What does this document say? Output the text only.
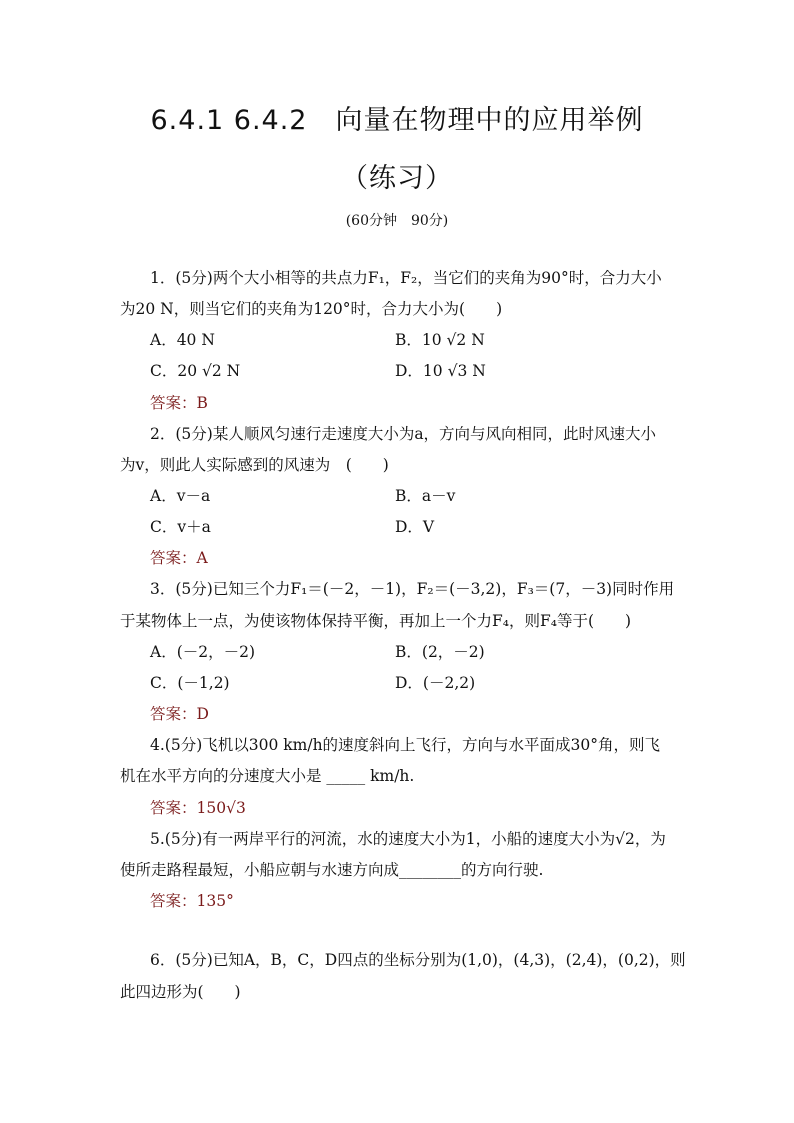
6.4.1 6.4.2　向量在物理中的应用举例
（练习）
(60分钟　90分)
1．(5分)两个大小相等的共点力F₁，F₂，当它们的夹角为90°时，合力大小
为20 N，则当它们的夹角为120°时，合力大小为(　　)
A．40 N	B．10 √2 N
C．20 √2 N	D．10 √3 N
答案：B
2．(5分)某人顺风匀速行走速度大小为a，方向与风向相同，此时风速大小
为v，则此人实际感到的风速为　(　　)
A．v－a	B．a－v
C．v＋a	D．V
答案：A
3．(5分)已知三个力F₁＝(－2，－1)，F₂＝(－3,2)，F₃＝(7，－3)同时作用
于某物体上一点，为使该物体保持平衡，再加上一个力F₄，则F₄等于(　　)
A．(－2，－2)	B．(2，－2)
C．(－1,2)	D．(－2,2)
答案：D
4.(5分)飞机以300 km/h的速度斜向上飞行，方向与水平面成30°角，则飞
机在水平方向的分速度大小是 _____ km/h.
答案：150√3
5.(5分)有一两岸平行的河流，水的速度大小为1，小船的速度大小为√2，为
使所走路程最短，小船应朝与水速方向成________的方向行驶.
答案：135°
6．(5分)已知A，B，C，D四点的坐标分别为(1,0)，(4,3)，(2,4)，(0,2)，则
此四边形为(　　)
